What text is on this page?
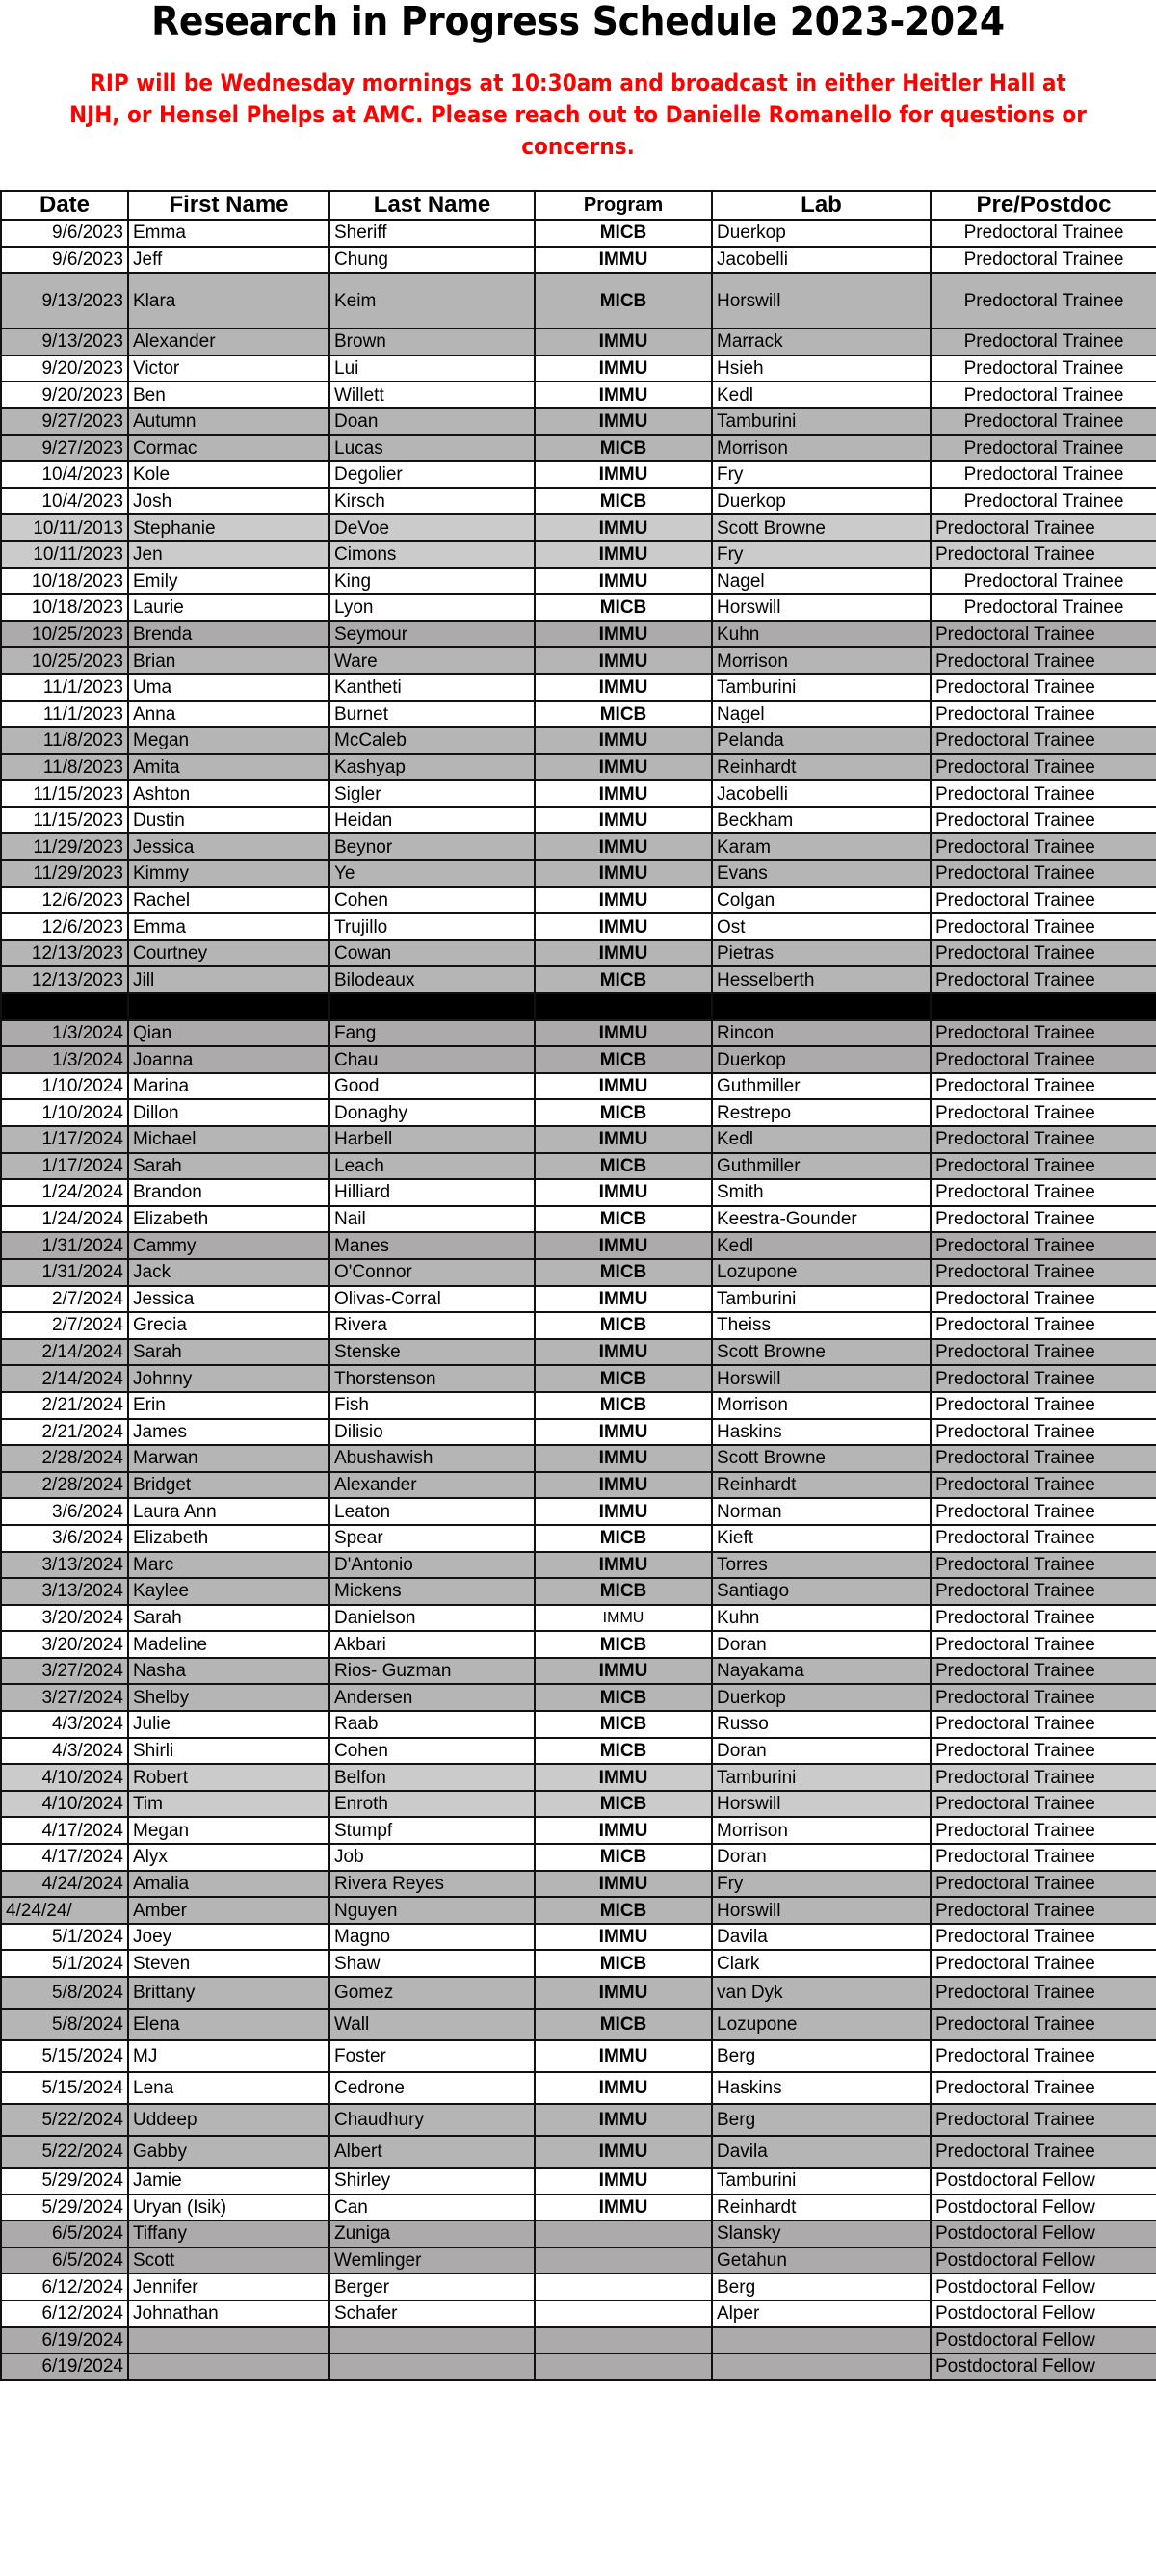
Research in Progress Schedule 2023-2024
RIP will be Wednesday mornings at 10:30am and broadcast in either Heitler Hall at
NJH, or Hensel Phelps at AMC. Please reach out to Danielle Romanello for questions or
concerns.
Date	First Name	Last Name	Program	Lab	Pre/Postdoc
9/6/2023	Emma	Sheriff	MICB	Duerkop	Predoctoral Trainee
9/6/2023	Jeff	Chung	IMMU	Jacobelli	Predoctoral Trainee
9/13/2023	Klara	Keim	MICB	Horswill	Predoctoral Trainee
9/13/2023	Alexander	Brown	IMMU	Marrack	Predoctoral Trainee
9/20/2023	Victor	Lui	IMMU	Hsieh	Predoctoral Trainee
9/20/2023	Ben	Willett	IMMU	Kedl	Predoctoral Trainee
9/27/2023	Autumn	Doan	IMMU	Tamburini	Predoctoral Trainee
9/27/2023	Cormac	Lucas	MICB	Morrison	Predoctoral Trainee
10/4/2023	Kole	Degolier	IMMU	Fry	Predoctoral Trainee
10/4/2023	Josh	Kirsch	MICB	Duerkop	Predoctoral Trainee
10/11/2013	Stephanie	DeVoe	IMMU	Scott Browne	Predoctoral Trainee
10/11/2023	Jen	Cimons	IMMU	Fry	Predoctoral Trainee
10/18/2023	Emily	King	IMMU	Nagel	Predoctoral Trainee
10/18/2023	Laurie	Lyon	MICB	Horswill	Predoctoral Trainee
10/25/2023	Brenda	Seymour	IMMU	Kuhn	Predoctoral Trainee
10/25/2023	Brian	Ware	IMMU	Morrison	Predoctoral Trainee
11/1/2023	Uma	Kantheti	IMMU	Tamburini	Predoctoral Trainee
11/1/2023	Anna	Burnet	MICB	Nagel	Predoctoral Trainee
11/8/2023	Megan	McCaleb	IMMU	Pelanda	Predoctoral Trainee
11/8/2023	Amita	Kashyap	IMMU	Reinhardt	Predoctoral Trainee
11/15/2023	Ashton	Sigler	IMMU	Jacobelli	Predoctoral Trainee
11/15/2023	Dustin	Heidan	IMMU	Beckham	Predoctoral Trainee
11/29/2023	Jessica	Beynor	IMMU	Karam	Predoctoral Trainee
11/29/2023	Kimmy	Ye	IMMU	Evans	Predoctoral Trainee
12/6/2023	Rachel	Cohen	IMMU	Colgan	Predoctoral Trainee
12/6/2023	Emma	Trujillo	IMMU	Ost	Predoctoral Trainee
12/13/2023	Courtney	Cowan	IMMU	Pietras	Predoctoral Trainee
12/13/2023	Jill	Bilodeaux	MICB	Hesselberth	Predoctoral Trainee

1/3/2024	Qian	Fang	IMMU	Rincon	Predoctoral Trainee
1/3/2024	Joanna	Chau	MICB	Duerkop	Predoctoral Trainee
1/10/2024	Marina	Good	IMMU	Guthmiller	Predoctoral Trainee
1/10/2024	Dillon	Donaghy	MICB	Restrepo	Predoctoral Trainee
1/17/2024	Michael	Harbell	IMMU	Kedl	Predoctoral Trainee
1/17/2024	Sarah	Leach	MICB	Guthmiller	Predoctoral Trainee
1/24/2024	Brandon	Hilliard	IMMU	Smith	Predoctoral Trainee
1/24/2024	Elizabeth	Nail	MICB	Keestra-Gounder	Predoctoral Trainee
1/31/2024	Cammy	Manes	IMMU	Kedl	Predoctoral Trainee
1/31/2024	Jack	O'Connor	MICB	Lozupone	Predoctoral Trainee
2/7/2024	Jessica	Olivas-Corral	IMMU	Tamburini	Predoctoral Trainee
2/7/2024	Grecia	Rivera	MICB	Theiss	Predoctoral Trainee
2/14/2024	Sarah	Stenske	IMMU	Scott Browne	Predoctoral Trainee
2/14/2024	Johnny	Thorstenson	MICB	Horswill	Predoctoral Trainee
2/21/2024	Erin	Fish	MICB	Morrison	Predoctoral Trainee
2/21/2024	James	Dilisio	IMMU	Haskins	Predoctoral Trainee
2/28/2024	Marwan	Abushawish	IMMU	Scott Browne	Predoctoral Trainee
2/28/2024	Bridget	Alexander	IMMU	Reinhardt	Predoctoral Trainee
3/6/2024	Laura Ann	Leaton	IMMU	Norman	Predoctoral Trainee
3/6/2024	Elizabeth	Spear	MICB	Kieft	Predoctoral Trainee
3/13/2024	Marc	D'Antonio	IMMU	Torres	Predoctoral Trainee
3/13/2024	Kaylee	Mickens	MICB	Santiago	Predoctoral Trainee
3/20/2024	Sarah	Danielson	IMMU	Kuhn	Predoctoral Trainee
3/20/2024	Madeline	Akbari	MICB	Doran	Predoctoral Trainee
3/27/2024	Nasha	Rios- Guzman	IMMU	Nayakama	Predoctoral Trainee
3/27/2024	Shelby	Andersen	MICB	Duerkop	Predoctoral Trainee
4/3/2024	Julie	Raab	MICB	Russo	Predoctoral Trainee
4/3/2024	Shirli	Cohen	MICB	Doran	Predoctoral Trainee
4/10/2024	Robert	Belfon	IMMU	Tamburini	Predoctoral Trainee
4/10/2024	Tim	Enroth	MICB	Horswill	Predoctoral Trainee
4/17/2024	Megan	Stumpf	IMMU	Morrison	Predoctoral Trainee
4/17/2024	Alyx	Job	MICB	Doran	Predoctoral Trainee
4/24/2024	Amalia	Rivera Reyes	IMMU	Fry	Predoctoral Trainee
4/24/24/	Amber	Nguyen	MICB	Horswill	Predoctoral Trainee
5/1/2024	Joey	Magno	IMMU	Davila	Predoctoral Trainee
5/1/2024	Steven	Shaw	MICB	Clark	Predoctoral Trainee
5/8/2024	Brittany	Gomez	IMMU	van Dyk	Predoctoral Trainee
5/8/2024	Elena	Wall	MICB	Lozupone	Predoctoral Trainee
5/15/2024	MJ	Foster	IMMU	Berg	Predoctoral Trainee
5/15/2024	Lena	Cedrone	IMMU	Haskins	Predoctoral Trainee
5/22/2024	Uddeep	Chaudhury	IMMU	Berg	Predoctoral Trainee
5/22/2024	Gabby	Albert	IMMU	Davila	Predoctoral Trainee
5/29/2024	Jamie	Shirley	IMMU	Tamburini	Postdoctoral Fellow
5/29/2024	Uryan (Isik)	Can	IMMU	Reinhardt	Postdoctoral Fellow
6/5/2024	Tiffany	Zuniga		Slansky	Postdoctoral Fellow
6/5/2024	Scott	Wemlinger		Getahun	Postdoctoral Fellow
6/12/2024	Jennifer	Berger		Berg	Postdoctoral Fellow
6/12/2024	Johnathan	Schafer		Alper	Postdoctoral Fellow
6/19/2024					Postdoctoral Fellow
6/19/2024					Postdoctoral Fellow
